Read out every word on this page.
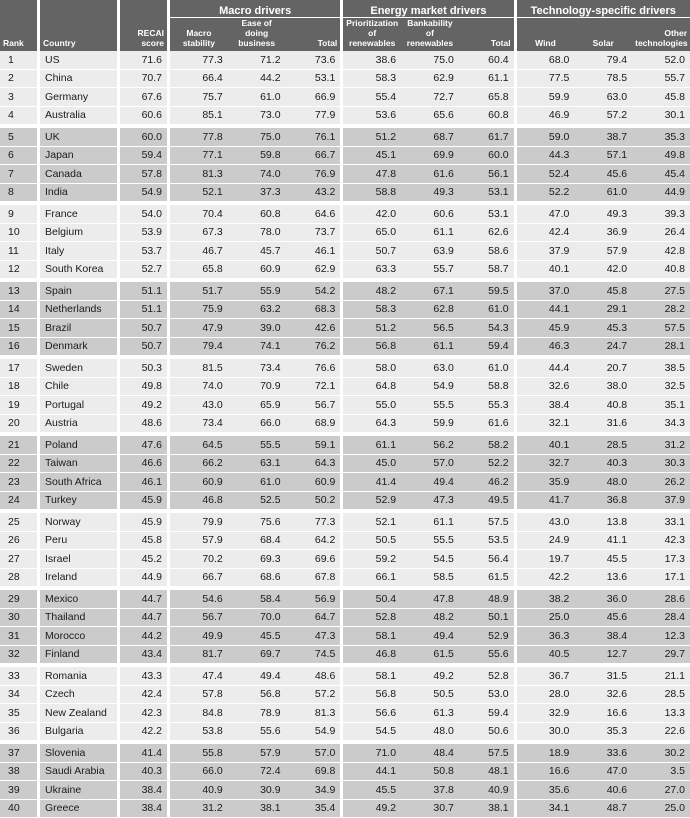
			Macro drivers			Energy market drivers			Technology-specific drivers		
Rank	Country	RECAI score	Macro stability	Ease of doing business	Total	Prioritization of renewables	Bankability of renewables	Total	Wind	Solar	Other technologies
1	US	71.6	77.3	71.2	73.6	38.6	75.0	60.4	68.0	79.4	52.0
2	China	70.7	66.4	44.2	53.1	58.3	62.9	61.1	77.5	78.5	55.7
3	Germany	67.6	75.7	61.0	66.9	55.4	72.7	65.8	59.9	63.0	45.8
4	Australia	60.6	85.1	73.0	77.9	53.6	65.6	60.8	46.9	57.2	30.1

5	UK	60.0	77.8	75.0	76.1	51.2	68.7	61.7	59.0	38.7	35.3
6	Japan	59.4	77.1	59.8	66.7	45.1	69.9	60.0	44.3	57.1	49.8
7	Canada	57.8	81.3	74.0	76.9	47.8	61.6	56.1	52.4	45.6	45.4
8	India	54.9	52.1	37.3	43.2	58.8	49.3	53.1	52.2	61.0	44.9

9	France	54.0	70.4	60.8	64.6	42.0	60.6	53.1	47.0	49.3	39.3
10	Belgium	53.9	67.3	78.0	73.7	65.0	61.1	62.6	42.4	36.9	26.4
11	Italy	53.7	46.7	45.7	46.1	50.7	63.9	58.6	37.9	57.9	42.8
12	South Korea	52.7	65.8	60.9	62.9	63.3	55.7	58.7	40.1	42.0	40.8

13	Spain	51.1	51.7	55.9	54.2	48.2	67.1	59.5	37.0	45.8	27.5
14	Netherlands	51.1	75.9	63.2	68.3	58.3	62.8	61.0	44.1	29.1	28.2
15	Brazil	50.7	47.9	39.0	42.6	51.2	56.5	54.3	45.9	45.3	57.5
16	Denmark	50.7	79.4	74.1	76.2	56.8	61.1	59.4	46.3	24.7	28.1

17	Sweden	50.3	81.5	73.4	76.6	58.0	63.0	61.0	44.4	20.7	38.5
18	Chile	49.8	74.0	70.9	72.1	64.8	54.9	58.8	32.6	38.0	32.5
19	Portugal	49.2	43.0	65.9	56.7	55.0	55.5	55.3	38.4	40.8	35.1
20	Austria	48.6	73.4	66.0	68.9	64.3	59.9	61.6	32.1	31.6	34.3

21	Poland	47.6	64.5	55.5	59.1	61.1	56.2	58.2	40.1	28.5	31.2
22	Taiwan	46.6	66.2	63.1	64.3	45.0	57.0	52.2	32.7	40.3	30.3
23	South Africa	46.1	60.9	61.0	60.9	41.4	49.4	46.2	35.9	48.0	26.2
24	Turkey	45.9	46.8	52.5	50.2	52.9	47.3	49.5	41.7	36.8	37.9

25	Norway	45.9	79.9	75.6	77.3	52.1	61.1	57.5	43.0	13.8	33.1
26	Peru	45.8	57.9	68.4	64.2	50.5	55.5	53.5	24.9	41.1	42.3
27	Israel	45.2	70.2	69.3	69.6	59.2	54.5	56.4	19.7	45.5	17.3
28	Ireland	44.9	66.7	68.6	67.8	66.1	58.5	61.5	42.2	13.6	17.1

29	Mexico	44.7	54.6	58.4	56.9	50.4	47.8	48.9	38.2	36.0	28.6
30	Thailand	44.7	56.7	70.0	64.7	52.8	48.2	50.1	25.0	45.6	28.4
31	Morocco	44.2	49.9	45.5	47.3	58.1	49.4	52.9	36.3	38.4	12.3
32	Finland	43.4	81.7	69.7	74.5	46.8	61.5	55.6	40.5	12.7	29.7

33	Romania	43.3	47.4	49.4	48.6	58.1	49.2	52.8	36.7	31.5	21.1
34	Czech	42.4	57.8	56.8	57.2	56.8	50.5	53.0	28.0	32.6	28.5
35	New Zealand	42.3	84.8	78.9	81.3	56.6	61.3	59.4	32.9	16.6	13.3
36	Bulgaria	42.2	53.8	55.6	54.9	54.5	48.0	50.6	30.0	35.3	22.6

37	Slovenia	41.4	55.8	57.9	57.0	71.0	48.4	57.5	18.9	33.6	30.2
38	Saudi Arabia	40.3	66.0	72.4	69.8	44.1	50.8	48.1	16.6	47.0	3.5
39	Ukraine	38.4	40.9	30.9	34.9	45.5	37.8	40.9	35.6	40.6	27.0
40	Greece	38.4	31.2	38.1	35.4	49.2	30.7	38.1	34.1	48.7	25.0
